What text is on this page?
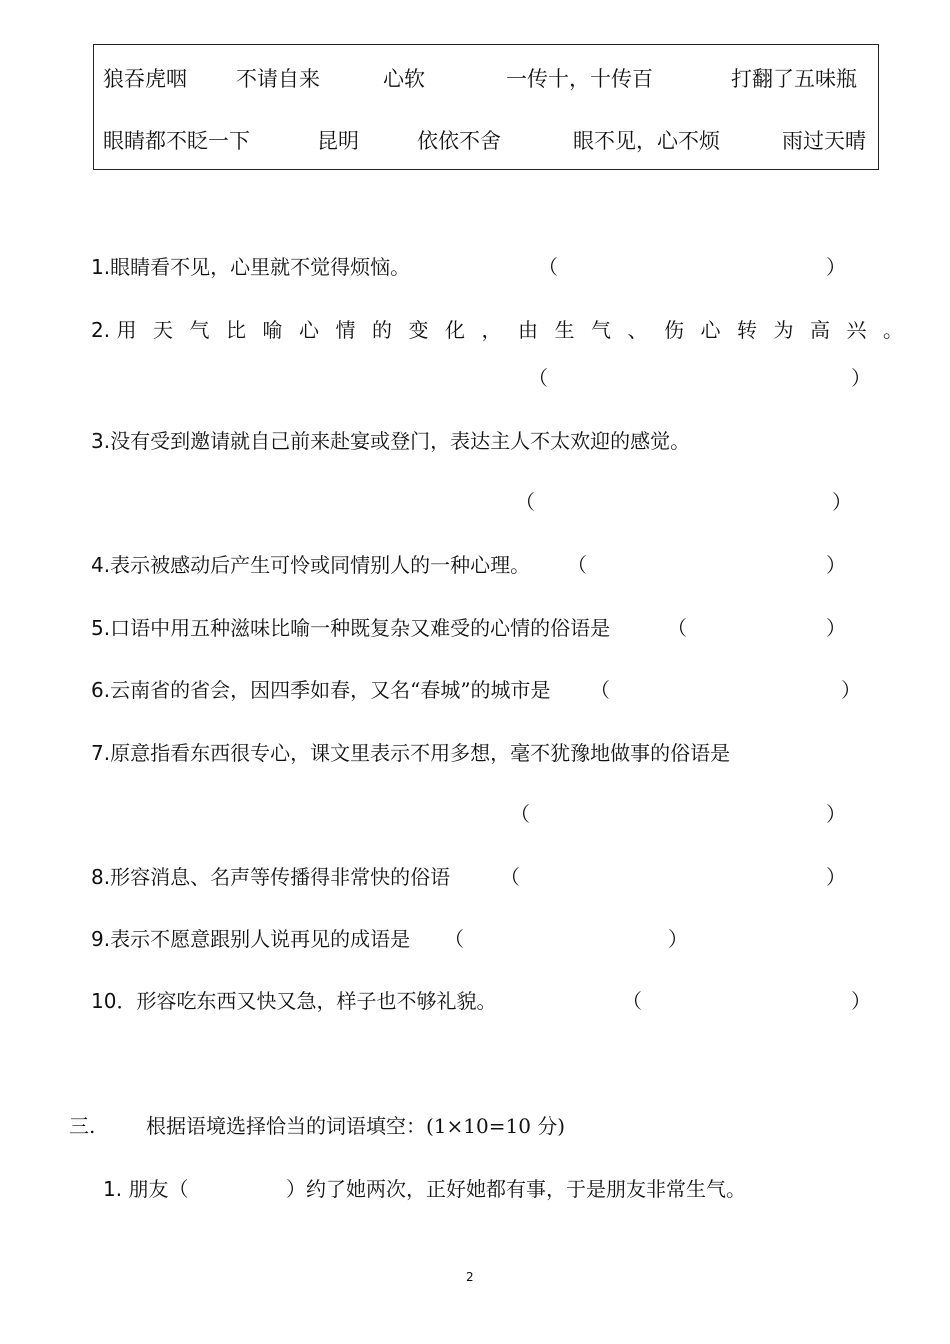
狼吞虎咽 不请自来	心软	一传十，十传百	打翻了五味瓶
眼睛都不眨一下	昆明	依依不舍	眼不见，心不烦	雨过天晴
1.眼睛看不见，心里就不觉得烦恼。	（	）
2. 用天气比喻心情的变化，由生气、伤心转为高兴。
（	）
3.没有受到邀请就自己前来赴宴或登门，表达主人不太欢迎的感觉。
（	）
4.表示被感动后产生可怜或同情别人的一种心理。 （	）
5.口语中用五种滋味比喻一种既复杂又难受的心情的俗语是	（	）
6.云南省的省会，因四季如春，又名“春城”的城市是 （	）
7.原意指看东西很专心，课文里表示不用多想，毫不犹豫地做事的俗语是
（	）
8.形容消息、名声等传播得非常快的俗语 （	）
9.表示不愿意跟别人说再见的成语是 （	）
10．形容吃东西又快又急，样子也不够礼貌。	（	）
三.	根据语境选择恰当的词语填空：(1×10=10 分)
1. 朋友（	）约了她两次，正好她都有事，于是朋友非常生气。
2
